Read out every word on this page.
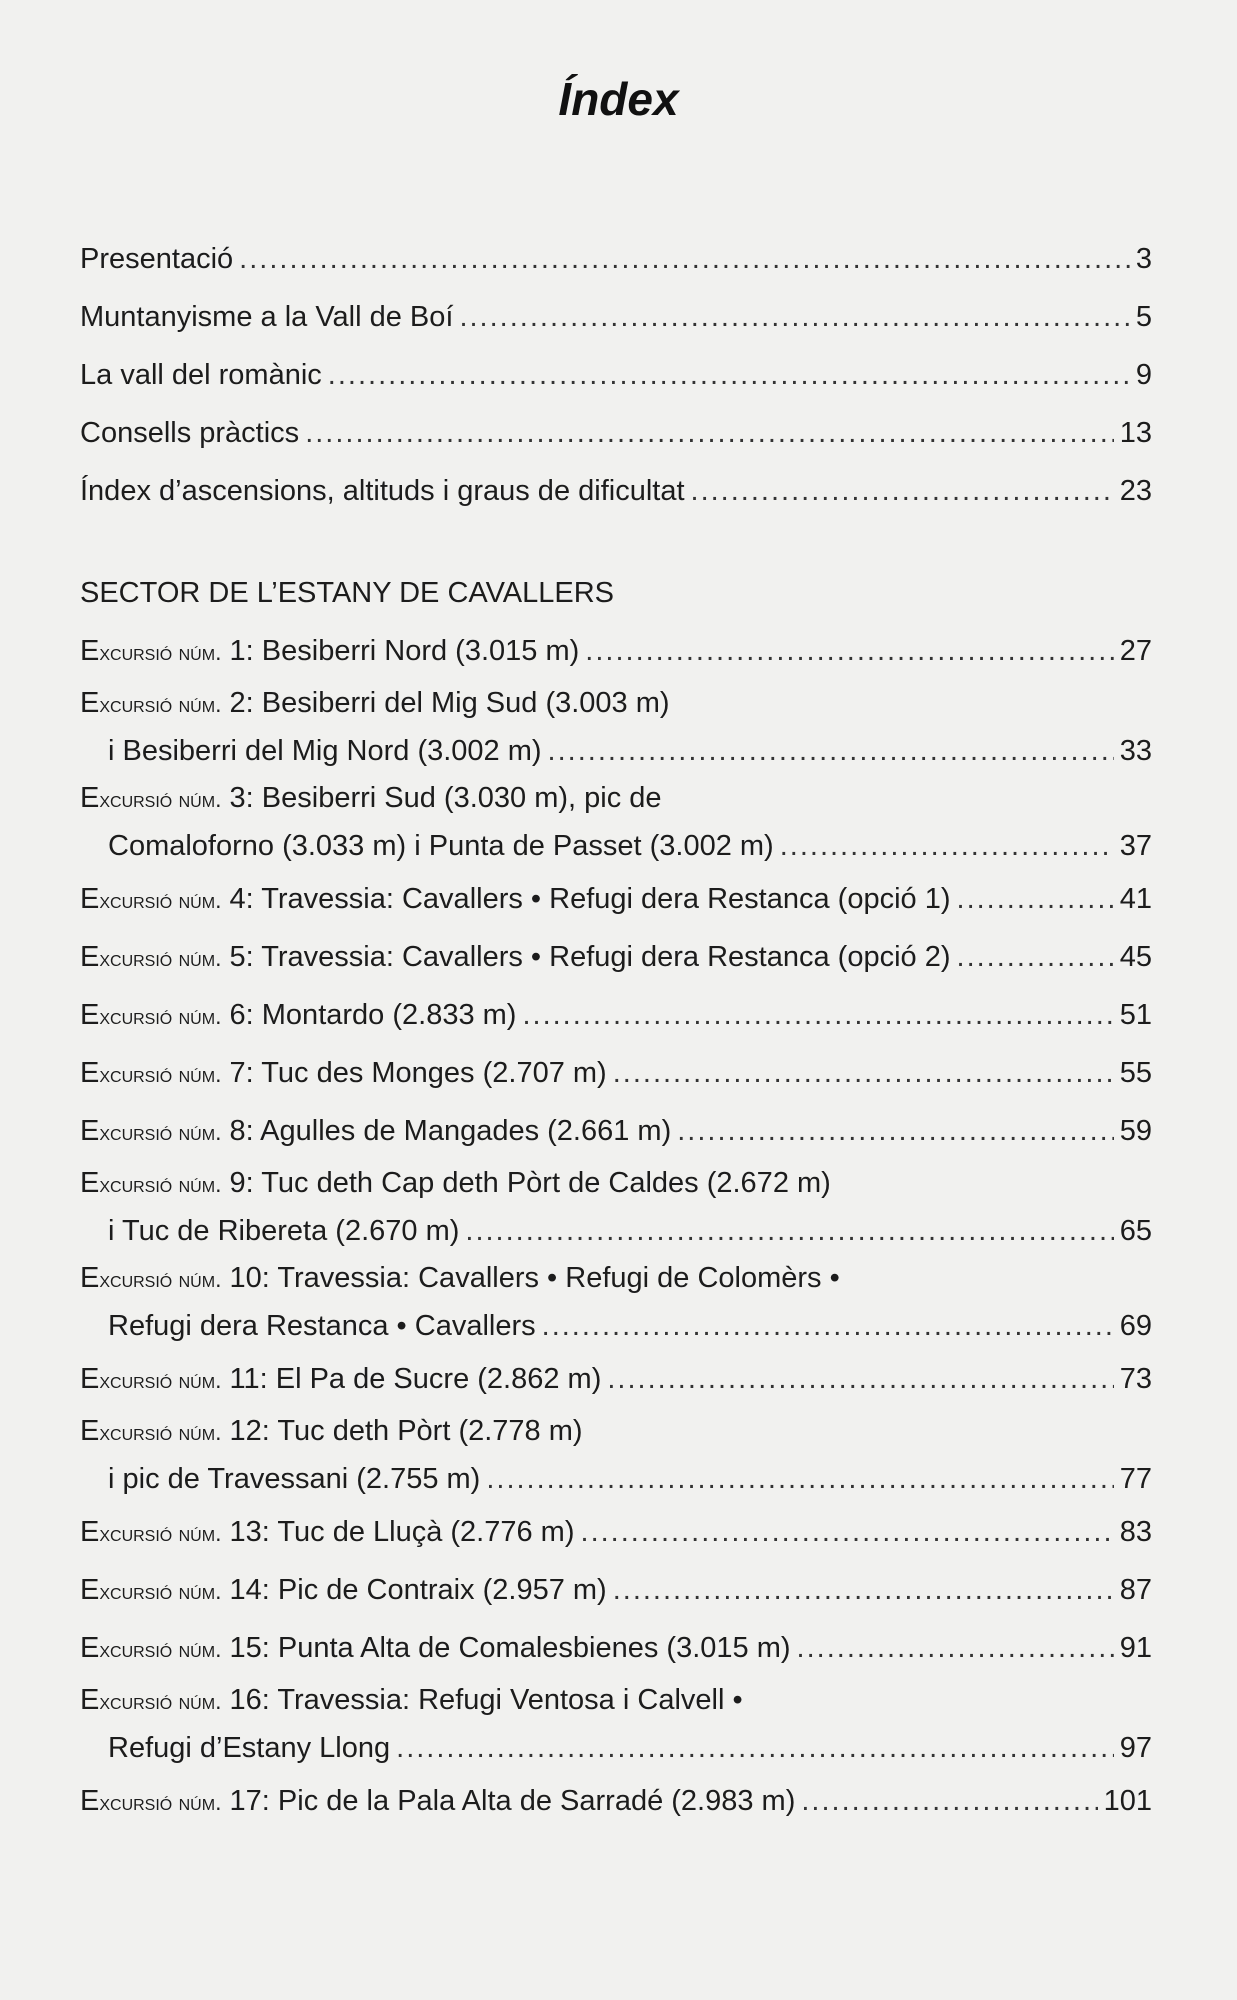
Índex
Presentació .....	3
Muntanyisme a la Vall de Boí .....	5
La vall del romànic .....	9
Consells pràctics .....	13
Índex d’ascensions, altituds i graus de dificultat .....	23
SECTOR DE L’ESTANY DE CAVALLERS
Excursió núm.
1: Besiberri Nord (3.015 m) .....	27
Excursió núm.
2: Besiberri del Mig Sud (3.003 m)
i Besiberri del Mig Nord (3.002 m) .....	33
Excursió núm.
3: Besiberri Sud (3.030 m), pic de
Comaloforno (3.033 m) i Punta de Passet (3.002 m) .....	37
Excursió núm.
4: Travessia: Cavallers • Refugi dera Restanca (opció 1) .....	41
Excursió núm.
5: Travessia: Cavallers • Refugi dera Restanca (opció 2) .....	45
Excursió núm.
6: Montardo (2.833 m) .....	51
Excursió núm.
7: Tuc des Monges (2.707 m) .....	55
Excursió núm.
8: Agulles de Mangades (2.661 m) .....	59
Excursió núm.
9: Tuc deth Cap deth Pòrt de Caldes (2.672 m)
i Tuc de Ribereta (2.670 m) .....	65
Excursió núm.
10: Travessia: Cavallers • Refugi de Colomèrs •
Refugi dera Restanca • Cavallers .....	69
Excursió núm.
11: El Pa de Sucre (2.862 m) .....	73
Excursió núm.
12: Tuc deth Pòrt (2.778 m)
i pic de Travessani (2.755 m) .....	77
Excursió núm.
13: Tuc de Lluçà (2.776 m) .....	83
Excursió núm.
14: Pic de Contraix (2.957 m) .....	87
Excursió núm.
15: Punta Alta de Comalesbienes (3.015 m) .....	91
Excursió núm.
16: Travessia: Refugi Ventosa i Calvell •
Refugi d’Estany Llong .....	97
Excursió núm.
17: Pic de la Pala Alta de Sarradé (2.983 m) .....	101
